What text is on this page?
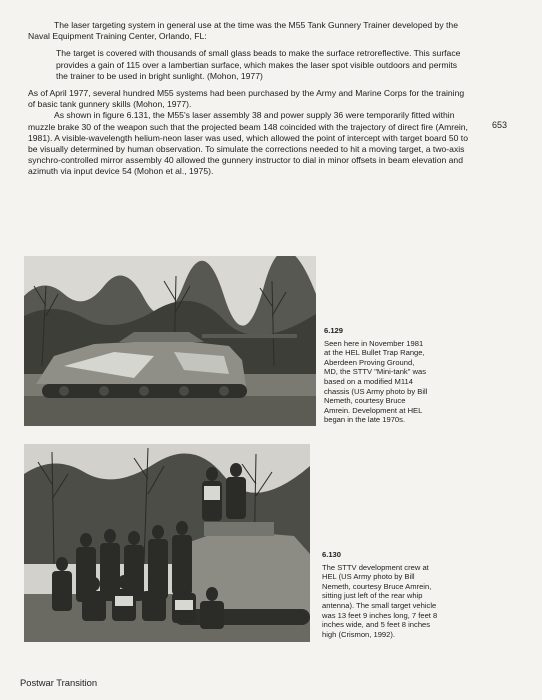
The laser targeting system in general use at the time was the M55 Tank Gunnery Trainer developed by the Naval Equipment Training Center, Orlando, FL:

The target is covered with thousands of small glass beads to make the surface retroreflective. This surface provides a gain of 115 over a lambertian surface, which makes the laser spot visible outdoors and permits the trainer to be used in bright sunlight. (Mohon, 1977)

As of April 1977, several hundred M55 systems had been purchased by the Army and Marine Corps for the training of basic tank gunnery skills (Mohon, 1977).

As shown in figure 6.131, the M55's laser assembly 38 and power supply 36 were temporarily fitted within muzzle brake 30 of the weapon such that the projected beam 148 coincided with the trajectory of direct fire (Amrein, 1981). A visible-wavelength helium-neon laser was used, which allowed the point of intercept with target board 50 to be visually determined by human observation. To simulate the corrections needed to hit a moving target, a two-axis synchro-controlled mirror assembly 40 allowed the gunnery instructor to dial in minor offsets in beam elevation and azimuth via input device 54 (Mohon et al., 1975).

653
6.129
Seen here in November 1981 at the HEL Bullet Trap Range, Aberdeen Proving Ground, MD, the STTV "Mini-tank" was based on a modified M114 chassis (US Army photo by Bill Nemeth, courtesy Bruce Amrein. Development at HEL began in the late 1970s.
6.130
The STTV development crew at HEL (US Army photo by Bill Nemeth, courtesy Bruce Amrein, sitting just left of the rear whip antenna). The small target vehicle was 13 feet 9 inches long, 7 feet 8 inches wide, and 5 feet 8 inches high (Crismon, 1992).
Postwar Transition
